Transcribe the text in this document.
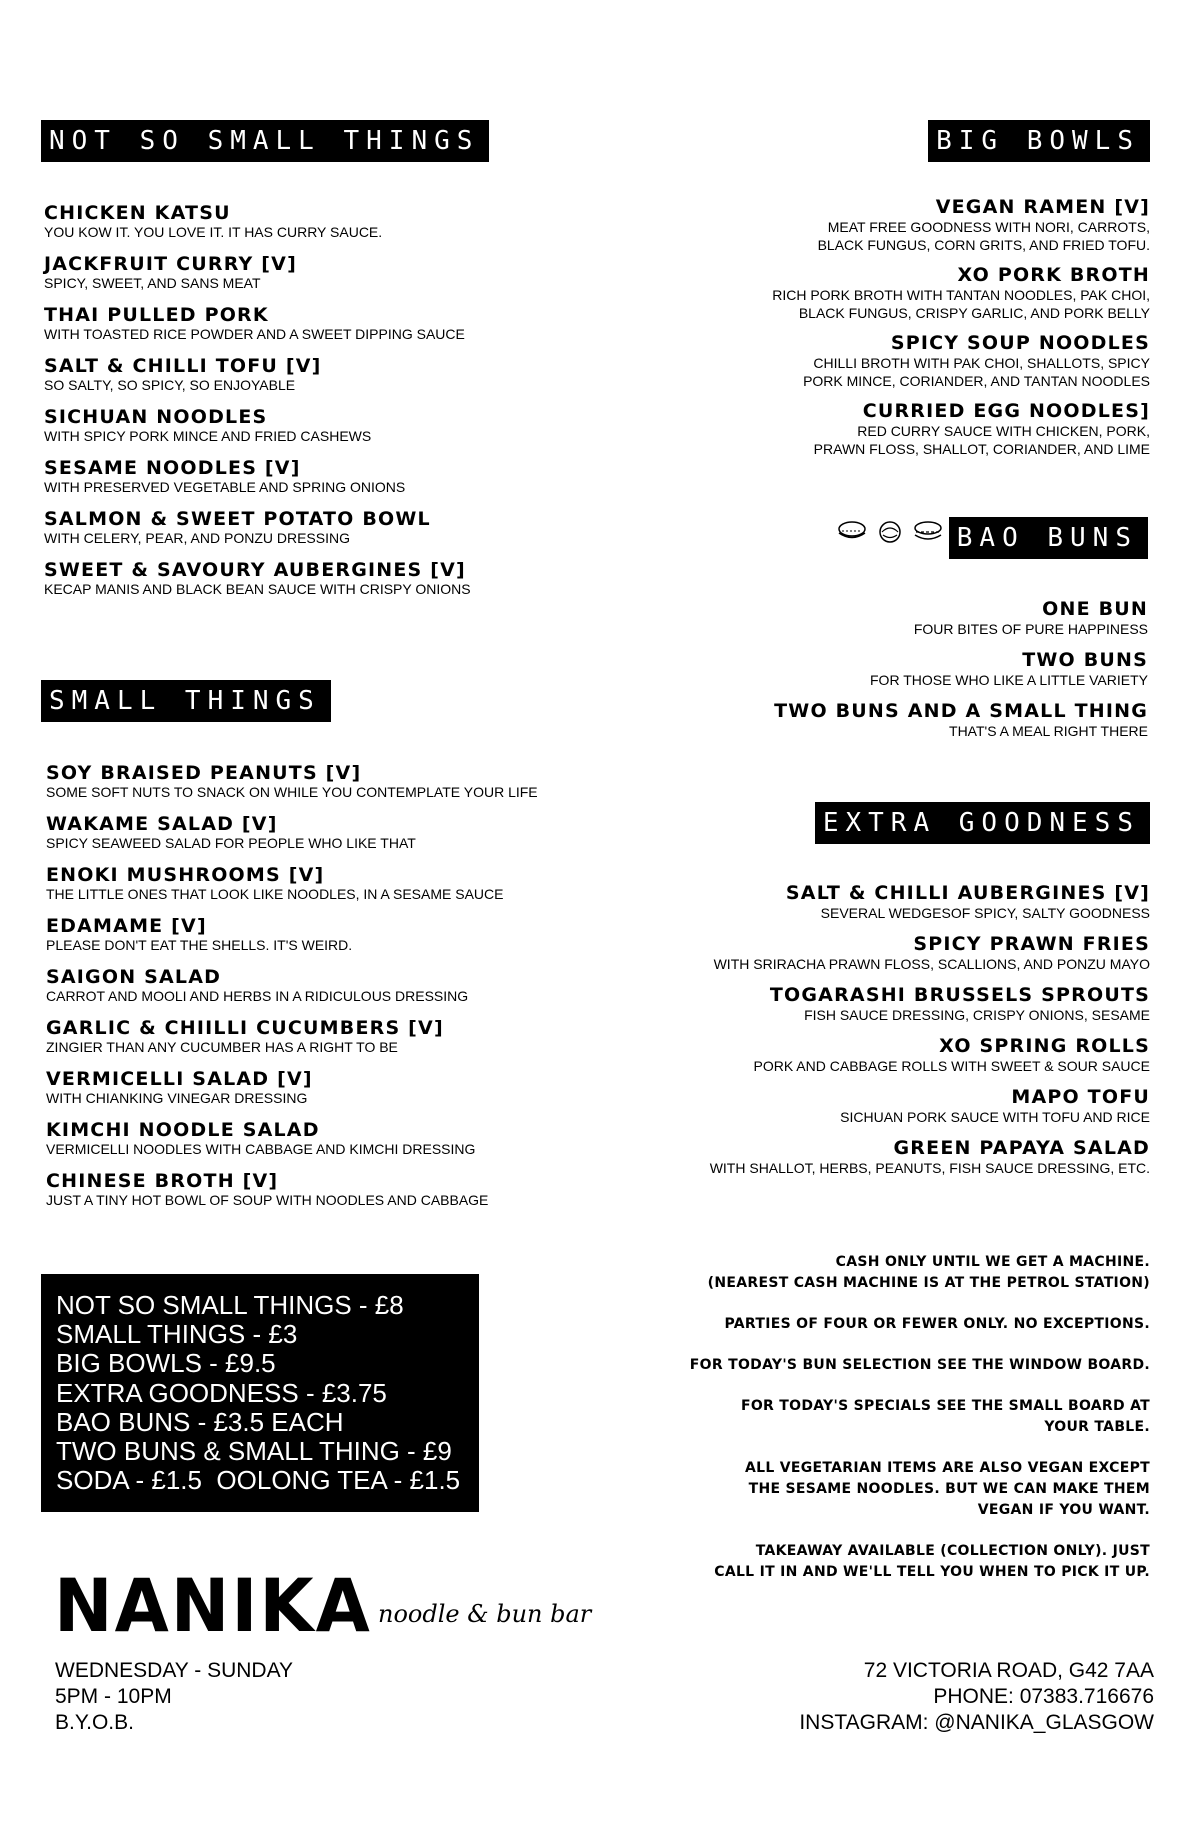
NOT SO SMALL THINGS
CHICKEN KATSU
YOU KOW IT. YOU LOVE IT. IT HAS CURRY SAUCE.
JACKFRUIT CURRY [V]
SPICY, SWEET, AND SANS MEAT
THAI PULLED PORK
WITH TOASTED RICE POWDER AND A SWEET DIPPING SAUCE
SALT & CHILLI TOFU [V]
SO SALTY, SO SPICY, SO ENJOYABLE
SICHUAN NOODLES
WITH SPICY PORK MINCE AND FRIED CASHEWS
SESAME NOODLES [V]
WITH PRESERVED VEGETABLE AND SPRING ONIONS
SALMON & SWEET POTATO BOWL
WITH CELERY, PEAR, AND PONZU DRESSING
SWEET & SAVOURY AUBERGINES [V]
KECAP MANIS AND BLACK BEAN SAUCE WITH CRISPY ONIONS
SMALL THINGS
SOY BRAISED PEANUTS [V]
SOME SOFT NUTS TO SNACK ON WHILE YOU CONTEMPLATE YOUR LIFE
WAKAME SALAD [V]
SPICY SEAWEED SALAD FOR PEOPLE WHO LIKE THAT
ENOKI MUSHROOMS [V]
THE LITTLE ONES THAT LOOK LIKE NOODLES, IN A SESAME SAUCE
EDAMAME [V]
PLEASE DON'T EAT THE SHELLS. IT'S WEIRD.
SAIGON SALAD
CARROT AND MOOLI AND HERBS IN A RIDICULOUS DRESSING
GARLIC & CHIILLI CUCUMBERS [V]
ZINGIER THAN ANY CUCUMBER HAS A RIGHT TO BE
VERMICELLI SALAD [V]
WITH CHIANKING VINEGAR DRESSING
KIMCHI NOODLE SALAD
VERMICELLI NOODLES WITH CABBAGE AND KIMCHI DRESSING
CHINESE BROTH [V]
JUST A TINY HOT BOWL OF SOUP WITH NOODLES AND CABBAGE
BIG BOWLS
VEGAN RAMEN [V]
MEAT FREE GOODNESS WITH NORI, CARROTS,
BLACK FUNGUS, CORN GRITS, AND FRIED TOFU.
XO PORK BROTH
RICH PORK BROTH WITH TANTAN NOODLES, PAK CHOI,
BLACK FUNGUS, CRISPY GARLIC, AND PORK BELLY
SPICY SOUP NOODLES
CHILLI BROTH WITH PAK CHOI, SHALLOTS, SPICY
PORK MINCE, CORIANDER, AND TANTAN NOODLES
CURRIED EGG NOODLES]
RED CURRY SAUCE WITH CHICKEN, PORK,
PRAWN FLOSS, SHALLOT, CORIANDER, AND LIME
BAO BUNS
ONE BUN
FOUR BITES OF PURE HAPPINESS
TWO BUNS
FOR THOSE WHO LIKE A LITTLE VARIETY
TWO BUNS AND A SMALL THING
THAT'S A MEAL RIGHT THERE
EXTRA GOODNESS
SALT & CHILLI AUBERGINES [V]
SEVERAL WEDGESOF SPICY, SALTY GOODNESS
SPICY PRAWN FRIES
WITH SRIRACHA PRAWN FLOSS, SCALLIONS, AND PONZU MAYO
TOGARASHI BRUSSELS SPROUTS
FISH SAUCE DRESSING, CRISPY ONIONS, SESAME
XO SPRING ROLLS
PORK AND CABBAGE ROLLS WITH SWEET & SOUR SAUCE
MAPO TOFU
SICHUAN PORK SAUCE WITH TOFU AND RICE
GREEN PAPAYA SALAD
WITH SHALLOT, HERBS, PEANUTS, FISH SAUCE DRESSING, ETC.
NOT SO SMALL THINGS - £8
SMALL THINGS - £3
BIG BOWLS - £9.5
EXTRA GOODNESS - £3.75
BAO BUNS - £3.5 EACH
TWO BUNS & SMALL THING - £9
SODA - £1.5  OOLONG TEA - £1.5
CASH ONLY UNTIL WE GET A MACHINE.
(NEAREST CASH MACHINE IS AT THE PETROL STATION)
PARTIES OF FOUR OR FEWER ONLY. NO EXCEPTIONS.
FOR TODAY'S BUN SELECTION SEE THE WINDOW BOARD.
FOR TODAY'S SPECIALS SEE THE SMALL BOARD AT
YOUR TABLE.
ALL VEGETARIAN ITEMS ARE ALSO VEGAN EXCEPT
THE SESAME NOODLES. BUT WE CAN MAKE THEM
VEGAN IF YOU WANT.
TAKEAWAY AVAILABLE (COLLECTION ONLY). JUST
CALL IT IN AND WE'LL TELL YOU WHEN TO PICK IT UP.
NANIKA noodle & bun bar
WEDNESDAY - SUNDAY
5PM - 10PM
B.Y.O.B.
72 VICTORIA ROAD, G42 7AA
PHONE: 07383.716676
INSTAGRAM: @NANIKA_GLASGOW
